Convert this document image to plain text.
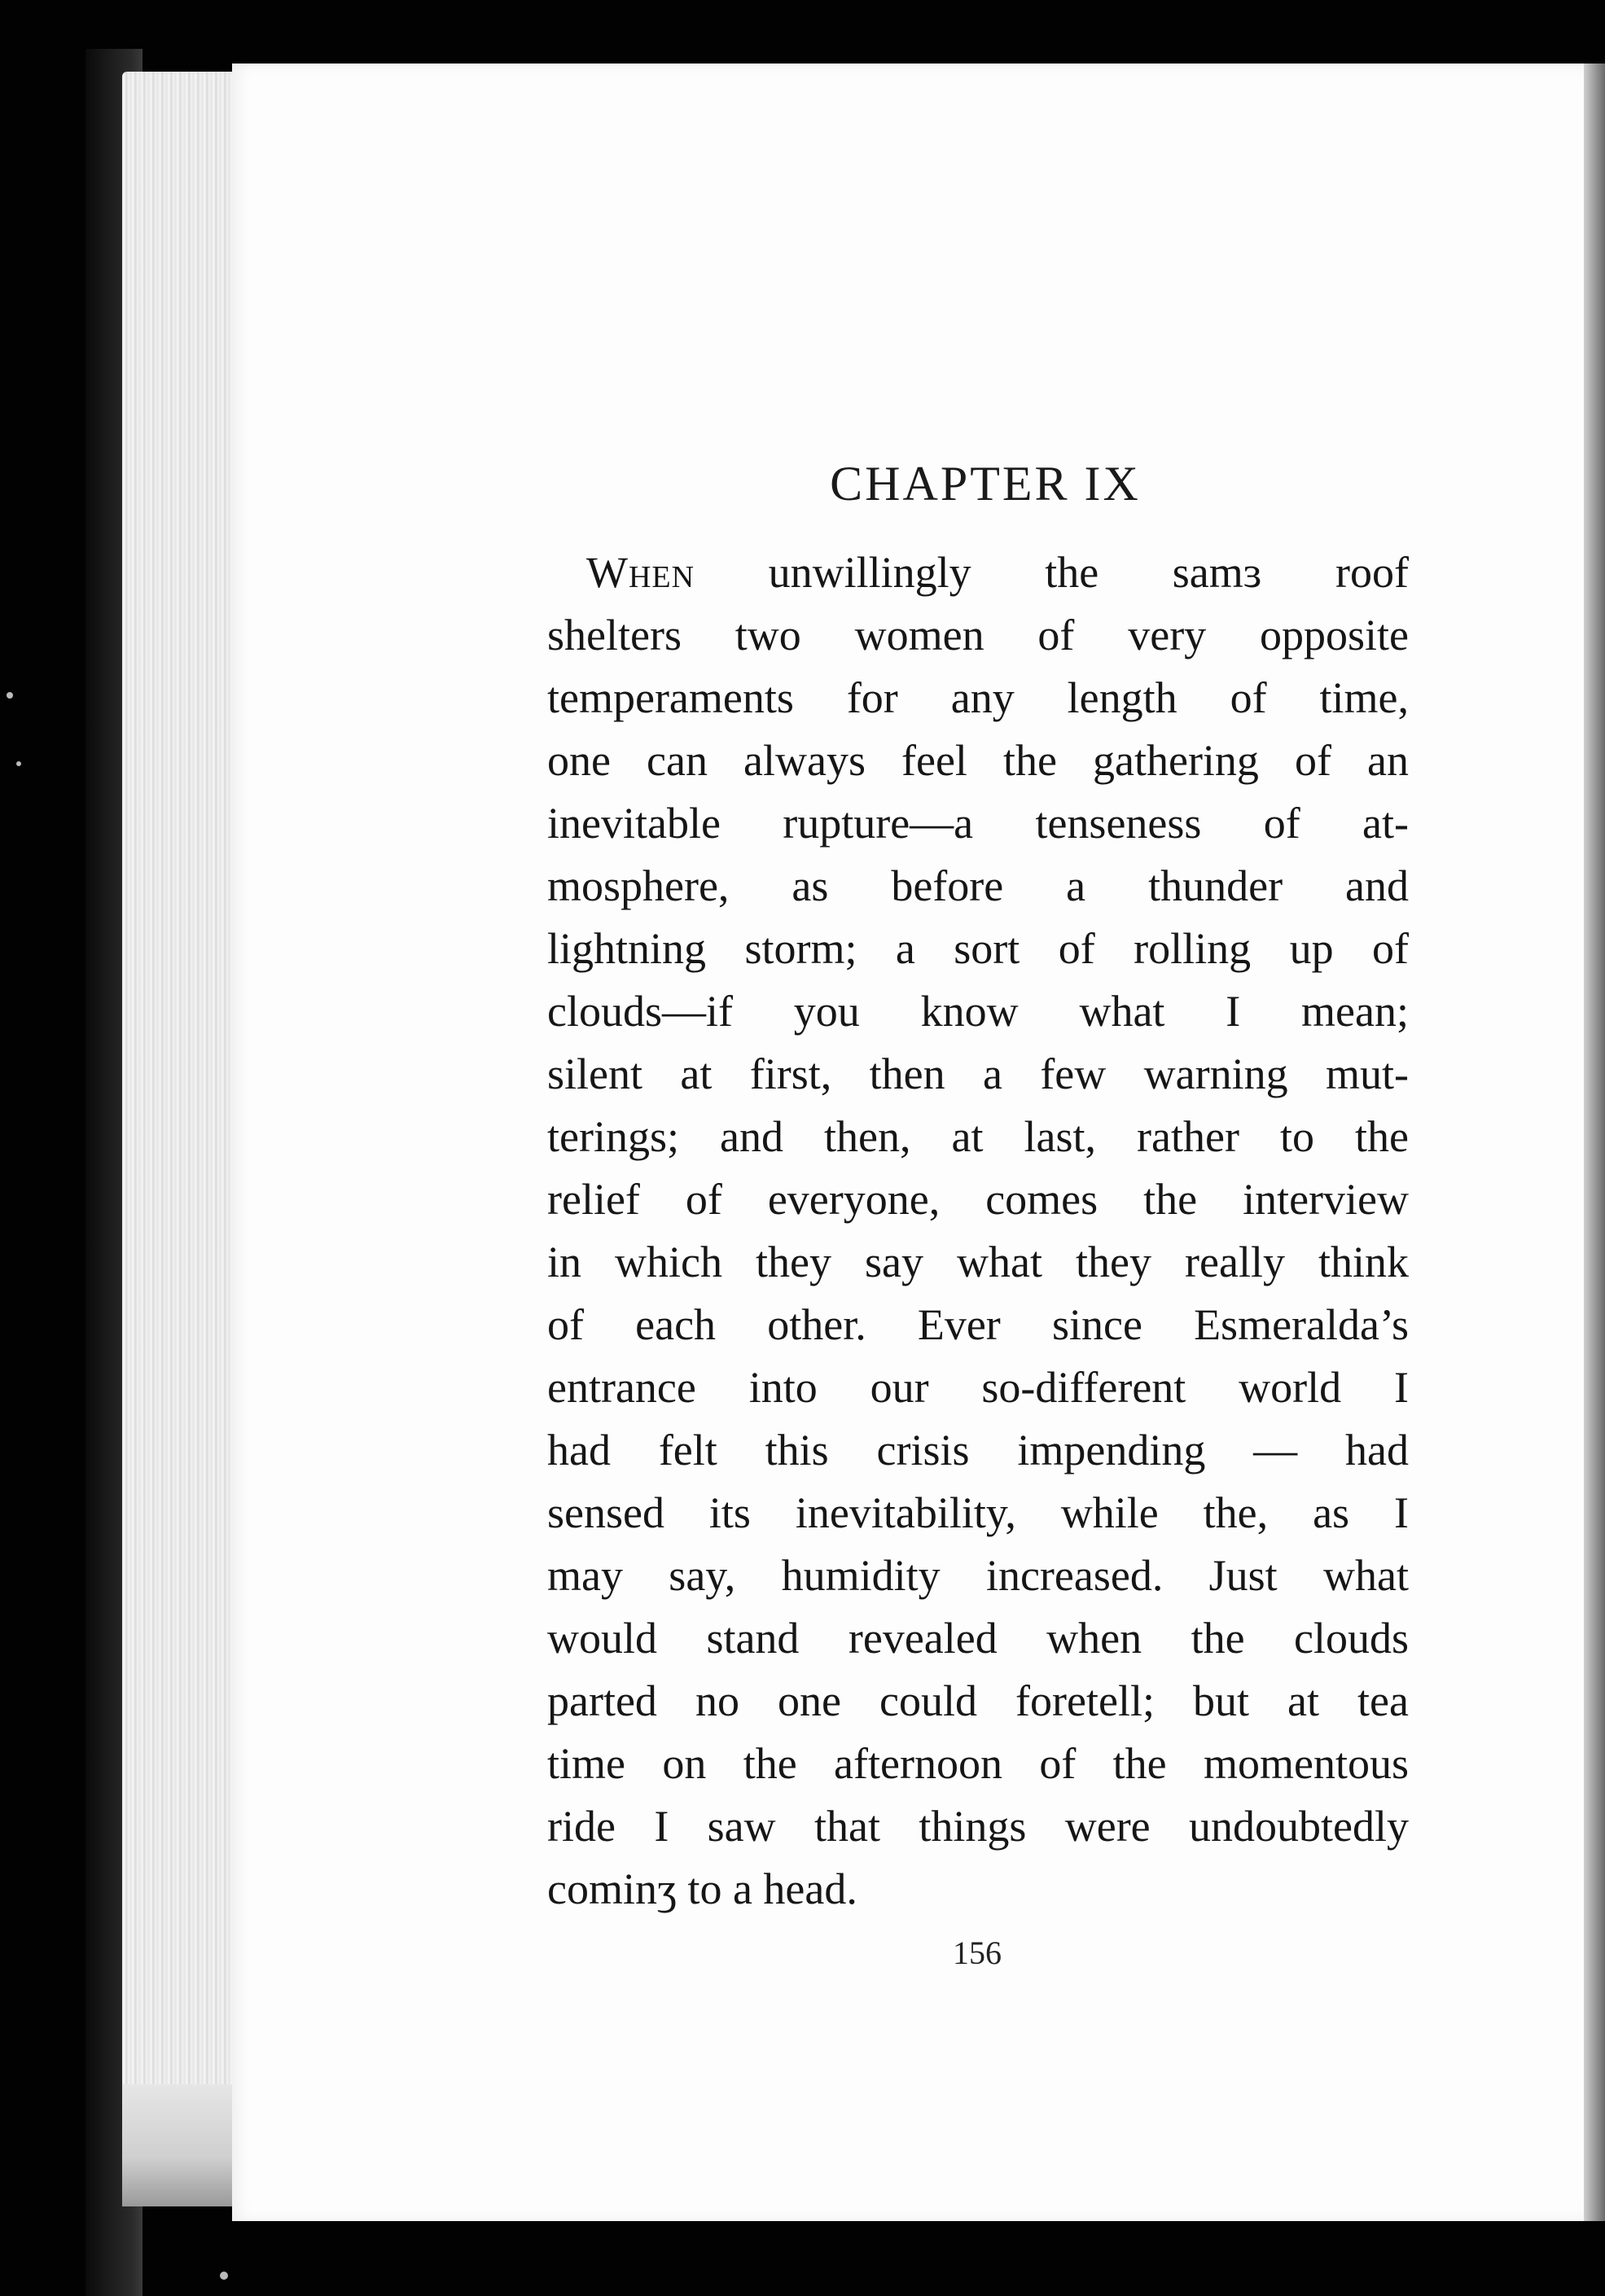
CHAPTER IX
When unwillingly the samɜ roof
shelters two women of very opposite
temperaments for any length of time,
one can always feel the gathering of an
inevitable rupture—a tenseness of at-
mosphere, as before a thunder and
lightning storm; a sort of rolling up of
clouds—if you know what I mean;
silent at first, then a few warning mut-
terings; and then, at last, rather to the
relief of everyone, comes the interview
in which they say what they really think
of each other. Ever since Esmeralda’s
entrance into our so-different world I
had felt this crisis impending — had
sensed its inevitability, while the, as I
may say, humidity increased. Just what
would stand revealed when the clouds
parted no one could foretell; but at tea
time on the afternoon of the momentous
ride I saw that things were undoubtedly
cominʒ to a head.

156
